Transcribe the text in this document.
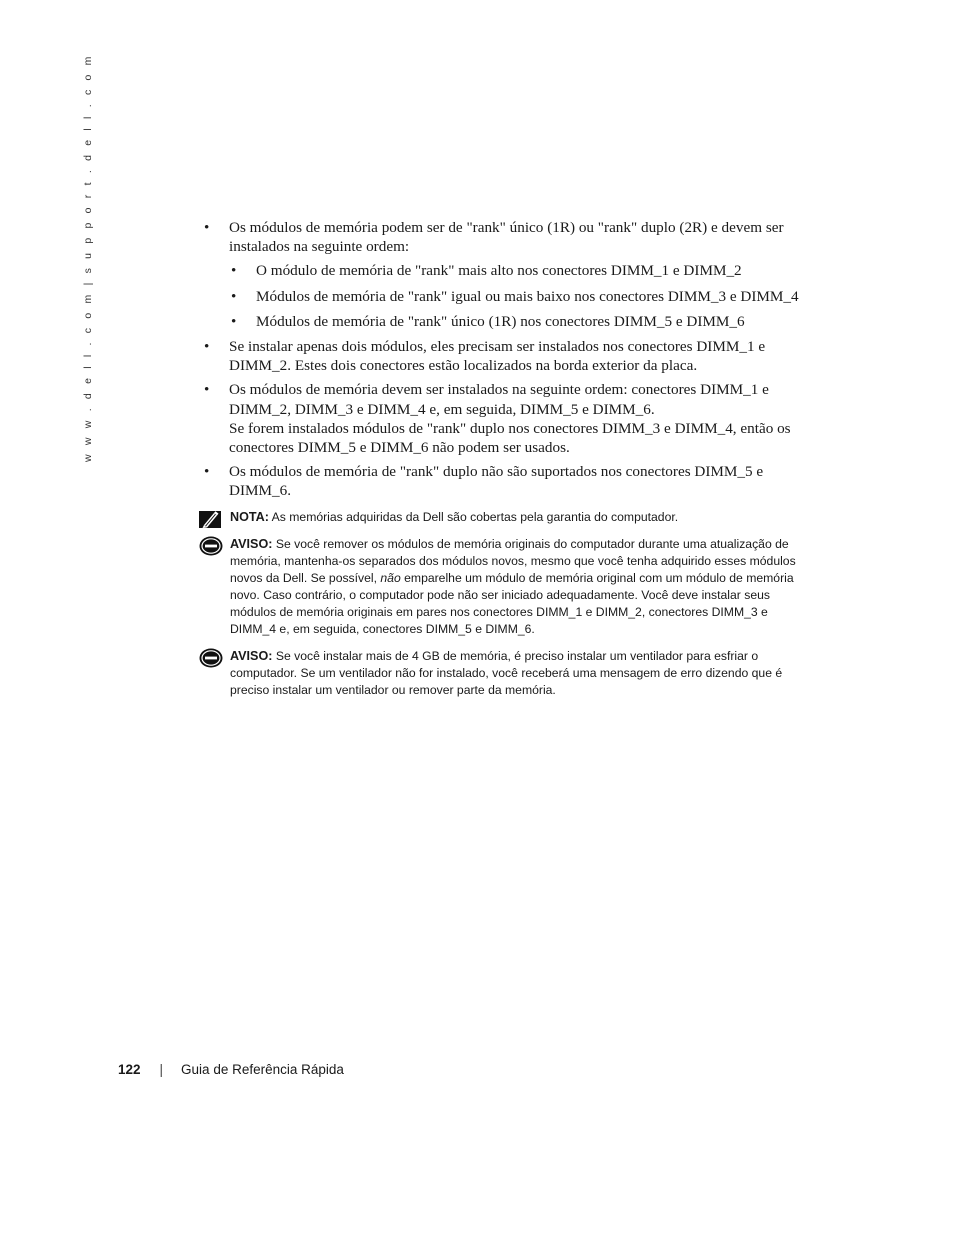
w w w . d e l l . c o m | s u p p o r t . d e l l . c o m	• Os módulos de memória podem ser de "rank" único (1R) ou "rank" duplo (2R) e devem ser
instalados na seguinte ordem:
• O módulo de memória de "rank" mais alto nos conectores DIMM_1 e DIMM_2
• Módulos de memória de "rank" igual ou mais baixo nos conectores DIMM_3 e DIMM_4
• Módulos de memória de "rank" único (1R) nos conectores DIMM_5 e DIMM_6
• Se instalar apenas dois módulos, eles precisam ser instalados nos conectores DIMM_1 e
DIMM_2. Estes dois conectores estão localizados na borda exterior da placa.
• Os módulos de memória devem ser instalados na seguinte ordem: conectores DIMM_1 e
DIMM_2, DIMM_3 e DIMM_4 e, em seguida, DIMM_5 e DIMM_6.
Se forem instalados módulos de "rank" duplo nos conectores DIMM_3 e DIMM_4, então os
conectores DIMM_5 e DIMM_6 não podem ser usados.
• Os módulos de memória de "rank" duplo não são suportados nos conectores DIMM_5 e
DIMM_6.
NOTA: As memórias adquiridas da Dell são cobertas pela garantia do computador.
AVISO: Se você remover os módulos de memória originais do computador durante uma atualização de
memória, mantenha-os separados dos módulos novos, mesmo que você tenha adquirido esses módulos
novos da Dell. Se possível, não emparelhe um módulo de memória original com um módulo de memória
novo. Caso contrário, o computador pode não ser iniciado adequadamente. Você deve instalar seus
módulos de memória originais em pares nos conectores DIMM_1 e DIMM_2, conectores DIMM_3 e
DIMM_4 e, em seguida, conectores DIMM_5 e DIMM_6.
AVISO: Se você instalar mais de 4 GB de memória, é preciso instalar um ventilador para esfriar o
computador. Se um ventilador não for instalado, você receberá uma mensagem de erro dizendo que é
preciso instalar um ventilador ou remover parte da memória.
122 | Guia de Referência Rápida
